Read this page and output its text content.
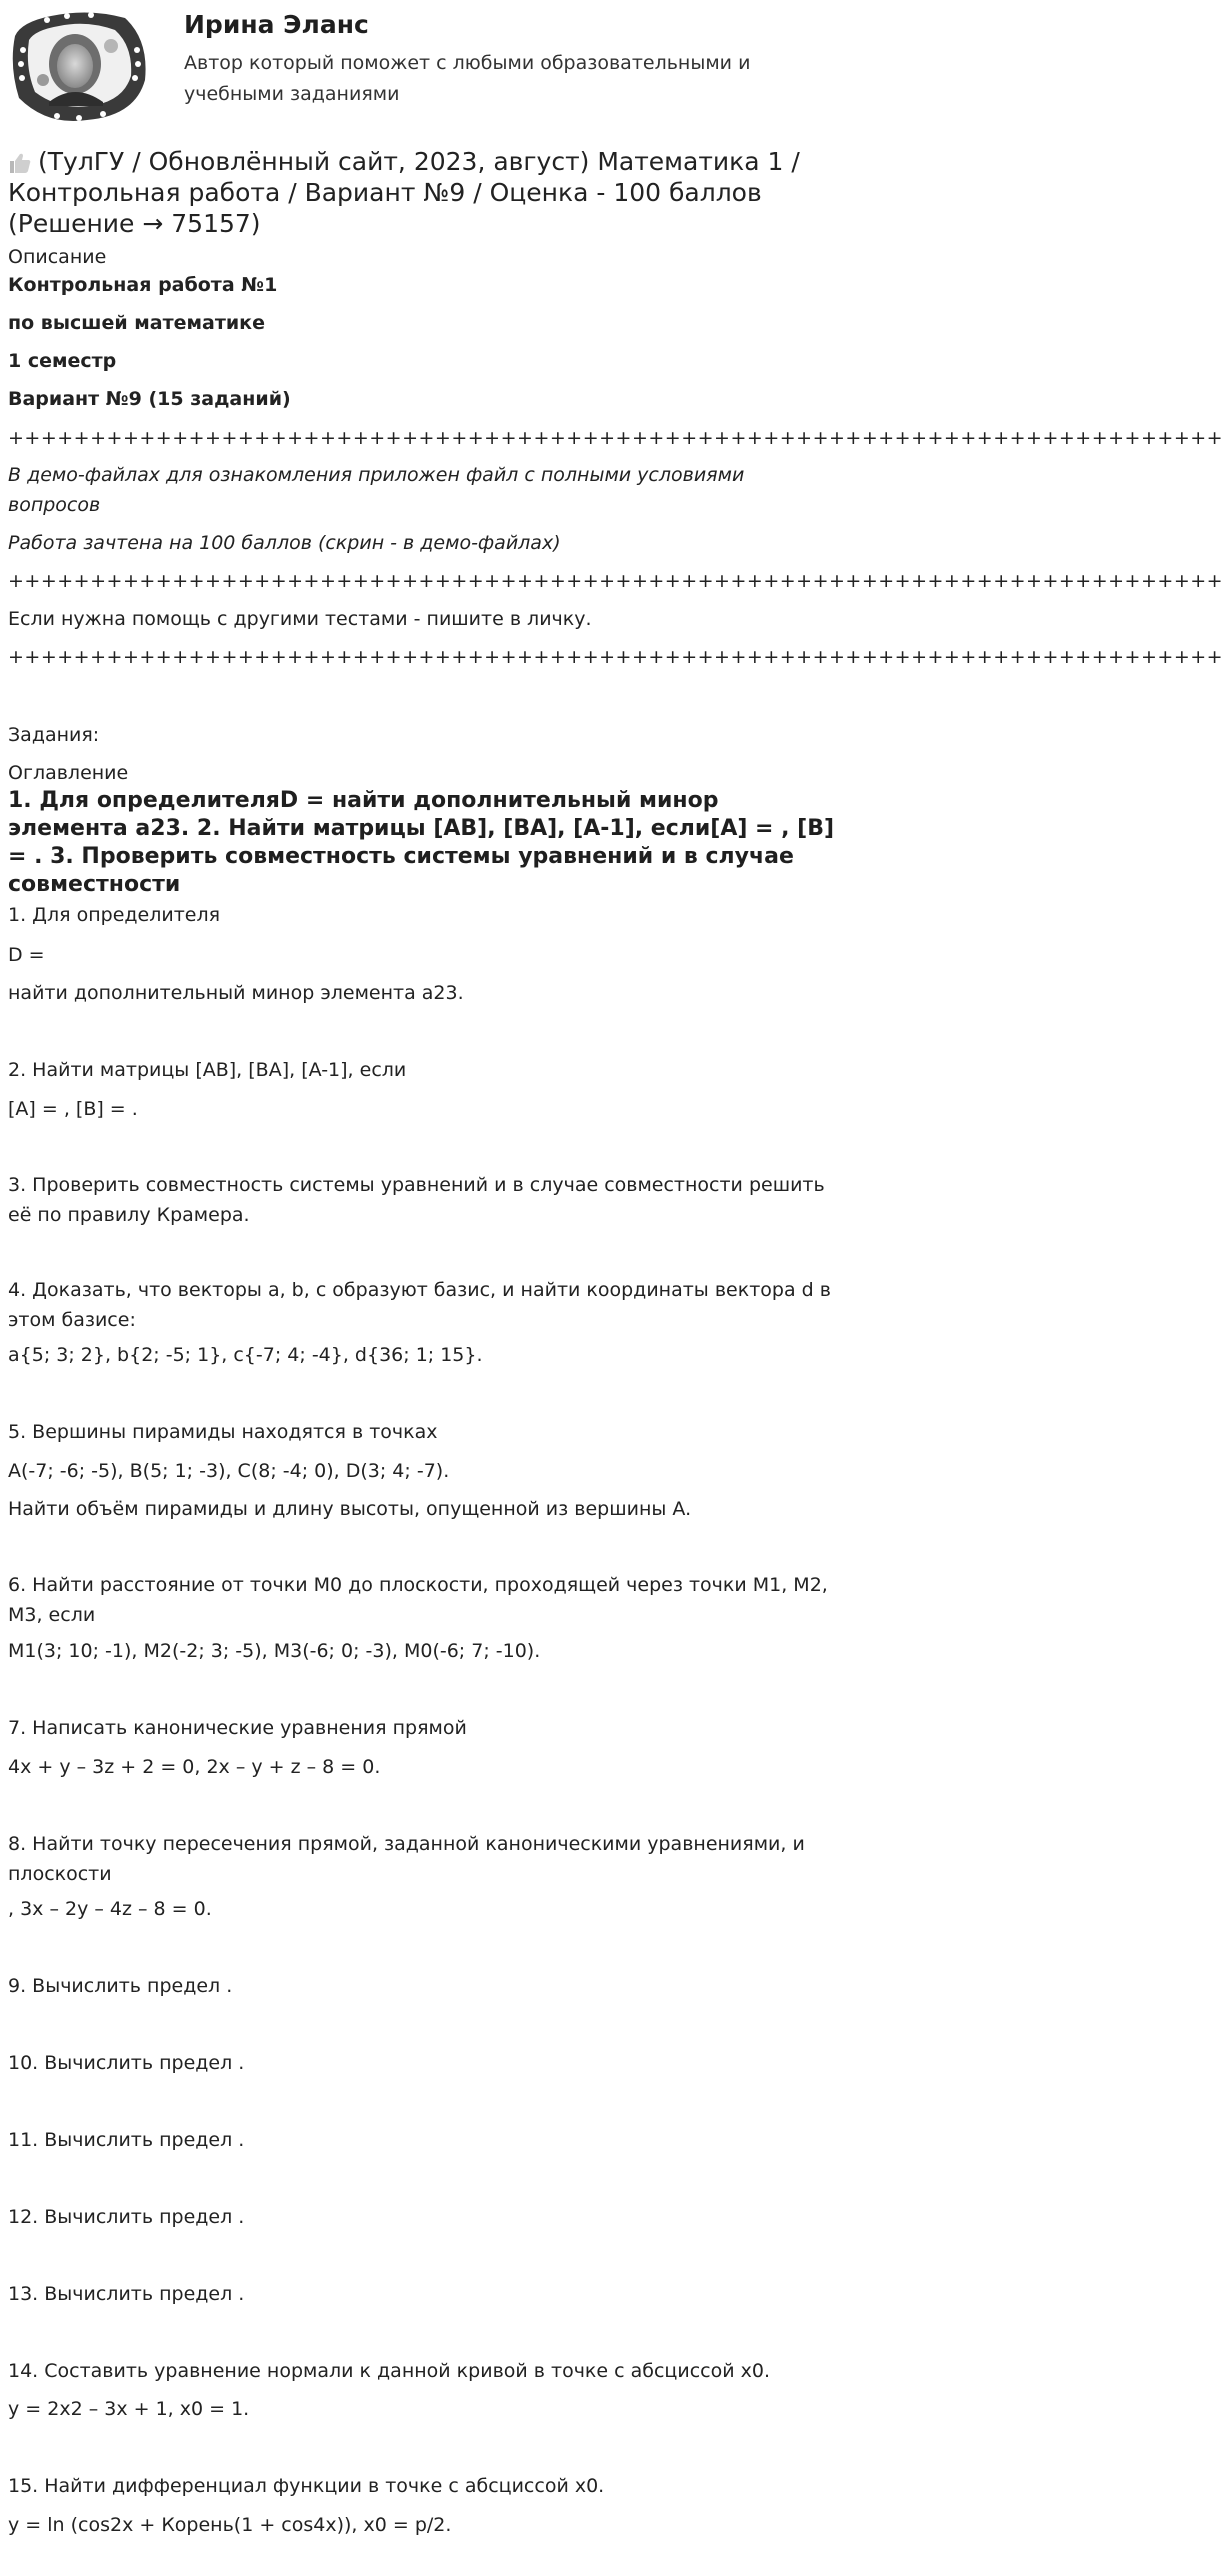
Ирина Эланс
Автор который поможет с любыми образовательными и учебными заданиями
(ТулГУ / Обновлённый сайт, 2023, август) Математика 1 / Контрольная работа / Вариант №9 / Оценка - 100 баллов (Решение → 75157)
Описание
Контрольная работа №1
по высшей математике
1 семестр
Вариант №9 (15 заданий)
++++++++++++++++++++++++++++++++++++++++++++++++++++++++++++++++++++++++++
В демо-файлах для ознакомления приложен файл с полными условиями вопросов
Работа зачтена на 100 баллов (скрин - в демо-файлах)
++++++++++++++++++++++++++++++++++++++++++++++++++++++++++++++++++++++++++
Если нужна помощь с другими тестами - пишите в личку.
++++++++++++++++++++++++++++++++++++++++++++++++++++++++++++++++++++++++++
Задания:
Оглавление
1. Для определителяD = найти дополнительный минор элемента a23. 2. Найти матрицы [AB], [BA], [A-1], если[A] = , [B] = . 3. Проверить совместность системы уравнений и в случае совместности
1. Для определителя
D =
найти дополнительный минор элемента a23.
2. Найти матрицы [AB], [BA], [A-1], если
[A] = , [B] = .
3. Проверить совместность системы уравнений и в случае совместности решить её по правилу Крамера.
4. Доказать, что векторы a, b, c образуют базис, и найти координаты вектора d в этом базисе:
a{5; 3; 2}, b{2; -5; 1}, c{-7; 4; -4}, d{36; 1; 15}.
5. Вершины пирамиды находятся в точках
A(-7; -6; -5), B(5; 1; -3), C(8; -4; 0), D(3; 4; -7).
Найти объём пирамиды и длину высоты, опущенной из вершины A.
6. Найти расстояние от точки M0 до плоскости, проходящей через точки M1, M2, M3, если
M1(3; 10; -1), M2(-2; 3; -5), M3(-6; 0; -3), M0(-6; 7; -10).
7. Написать канонические уравнения прямой
4x + y – 3z + 2 = 0, 2x – y + z – 8 = 0.
8. Найти точку пересечения прямой, заданной каноническими уравнениями, и плоскости
, 3x – 2y – 4z – 8 = 0.
9. Вычислить предел .
10. Вычислить предел .
11. Вычислить предел .
12. Вычислить предел .
13. Вычислить предел .
14. Составить уравнение нормали к данной кривой в точке с абсциссой x0.
y = 2x2 – 3x + 1, x0 = 1.
15. Найти дифференциал функции в точке с абсциссой x0.
y = ln (cos2x + Корень(1 + cos4x)), x0 = p/2.
